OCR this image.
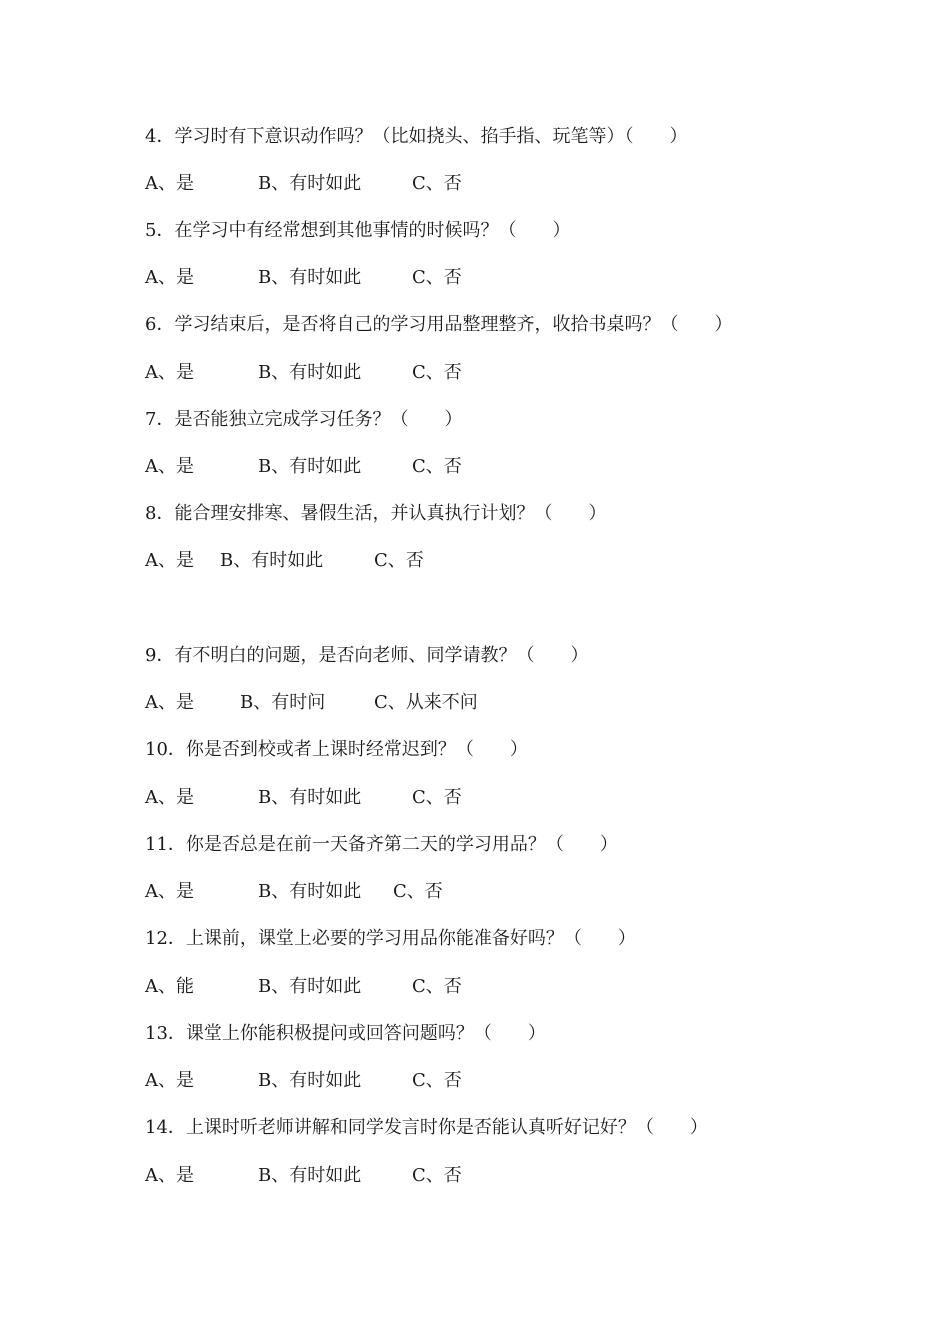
4．学习时有下意识动作吗？（比如挠头、掐手指、玩笔等）（　　）
A、是	B、有时如此	C、否
5．在学习中有经常想到其他事情的时候吗？（　　）
A、是	B、有时如此	C、否
6．学习结束后，是否将自己的学习用品整理整齐，收拾书桌吗？（　　）
A、是	B、有时如此	C、否
7．是否能独立完成学习任务？（　　）
A、是	B、有时如此	C、否
8．能合理安排寒、暑假生活，并认真执行计划？（　　）
A、是 B、有时如此	C、否
9．有不明白的问题，是否向老师、同学请教？（　　）
A、是	B、有时问	C、从来不问
10．你是否到校或者上课时经常迟到？（　　）
A、是	B、有时如此	C、否
11．你是否总是在前一天备齐第二天的学习用品？（　　）
A、是	B、有时如此 C、否
12．上课前，课堂上必要的学习用品你能准备好吗？（　　）
A、能	B、有时如此	C、否
13．课堂上你能积极提问或回答问题吗？（　　）
A、是	B、有时如此	C、否
14．上课时听老师讲解和同学发言时你是否能认真听好记好？（　　）
A、是	B、有时如此	C、否
